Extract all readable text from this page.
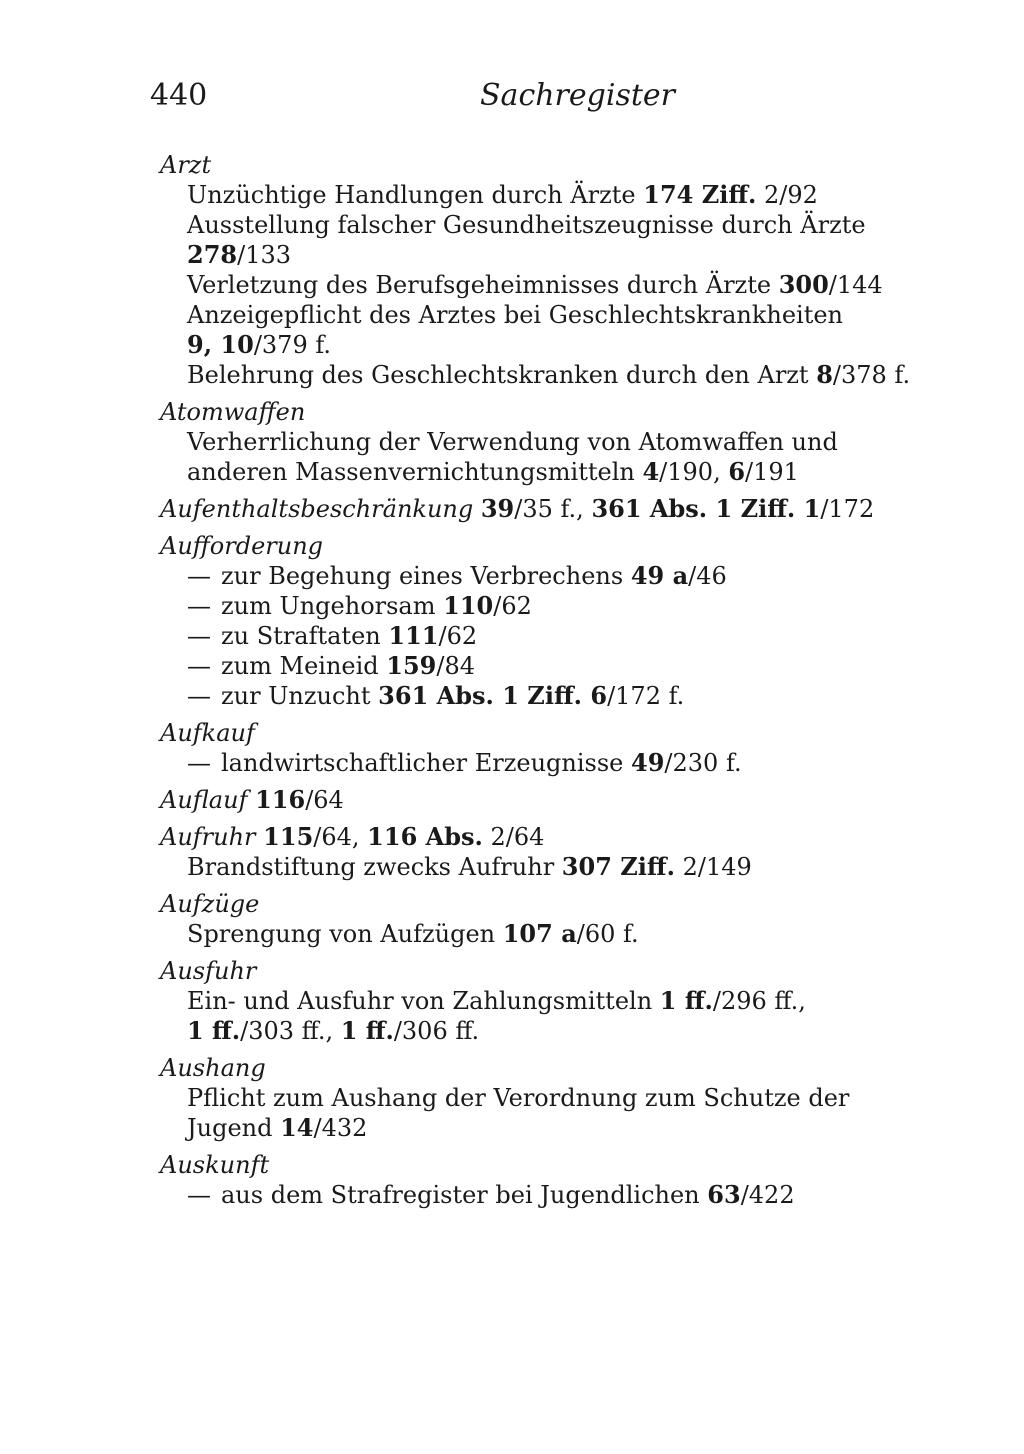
440	Sachregister
Arzt
Unzüchtige Handlungen durch Ärzte 174 Ziff. 2/92
Ausstellung falscher Gesundheitszeugnisse durch Ärzte
278/133
Verletzung des Berufsgeheimnisses durch Ärzte 300/144
Anzeigepflicht des Arztes bei Geschlechtskrankheiten
9, 10/379 f.
Belehrung des Geschlechtskranken durch den Arzt 8/378 f.
Atomwaffen
Verherrlichung der Verwendung von Atomwaffen und
anderen Massenvernichtungsmitteln 4/190, 6/191
Aufenthaltsbeschränkung 39/35 f., 361 Abs. 1 Ziff. 1/172
Aufforderung
— zur Begehung eines Verbrechens 49 a/46
— zum Ungehorsam 110/62
— zu Straftaten 111/62
— zum Meineid 159/84
— zur Unzucht 361 Abs. 1 Ziff. 6/172 f.
Aufkauf
— landwirtschaftlicher Erzeugnisse 49/230 f.
Auflauf 116/64
Aufruhr 115/64, 116 Abs. 2/64
Brandstiftung zwecks Aufruhr 307 Ziff. 2/149
Aufzüge
Sprengung von Aufzügen 107 a/60 f.
Ausfuhr
Ein- und Ausfuhr von Zahlungsmitteln 1 ff./296 ff.,
1 ff./303 ff., 1 ff./306 ff.
Aushang
Pflicht zum Aushang der Verordnung zum Schutze der
Jugend 14/432
Auskunft
— aus dem Strafregister bei Jugendlichen 63/422
